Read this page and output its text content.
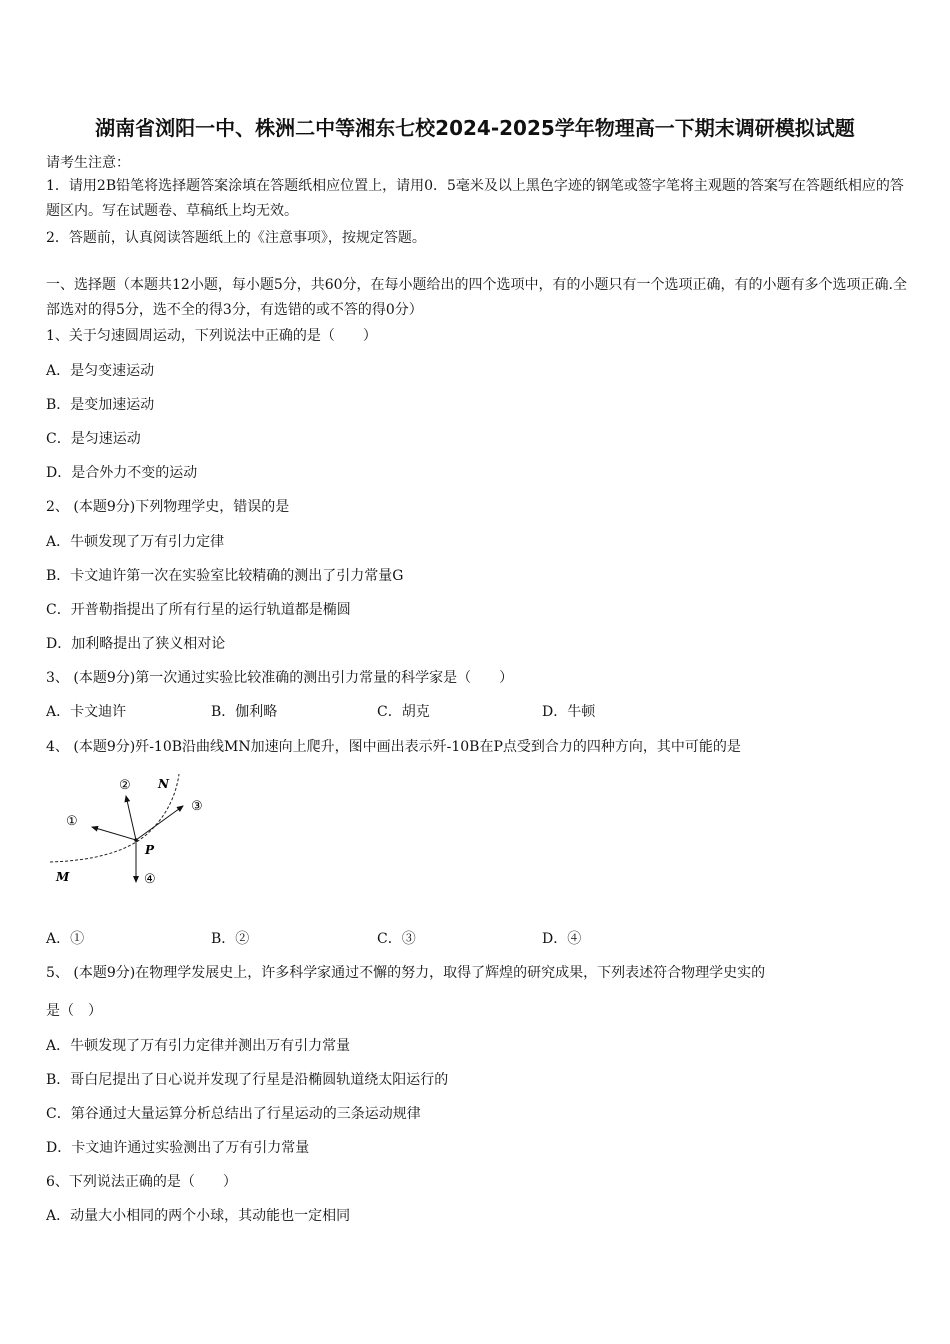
湖南省浏阳一中、株洲二中等湘东七校2024-2025学年物理高一下期末调研模拟试题
请考生注意：
1．请用2B铅笔将选择题答案涂填在答题纸相应位置上，请用0．5毫米及以上黑色字迹的钢笔或签字笔将主观题的答案写在答题纸相应的答题区内。写在试题卷、草稿纸上均无效。
2．答题前，认真阅读答题纸上的《注意事项》，按规定答题。
一、选择题（本题共12小题，每小题5分，共60分，在每小题给出的四个选项中，有的小题只有一个选项正确，有的小题有多个选项正确.全部选对的得5分，选不全的得3分，有选错的或不答的得0分）
1、关于匀速圆周运动，下列说法中正确的是（　　）
A．是匀变速运动
B．是变加速运动
C．是匀速运动
D．是合外力不变的运动
2、 (本题9分)下列物理学史，错误的是
A．牛顿发现了万有引力定律
B．卡文迪许第一次在实验室比较精确的测出了引力常量G
C．开普勒指提出了所有行星的运行轨道都是椭圆
D．加利略提出了狭义相对论
3、 (本题9分)第一次通过实验比较准确的测出引力常量的科学家是（　　）
A．卡文迪许	B．伽利略	C．胡克	D．牛顿
4、 (本题9分)歼-10B沿曲线MN加速向上爬升，图中画出表示歼-10B在P点受到合力的四种方向，其中可能的是
①
②
③
④
N
M
P
A．①	B．②	C．③	D．④
5、 (本题9分)在物理学发展史上，许多科学家通过不懈的努力，取得了辉煌的研究成果，下列表述符合物理学史实的
是（　）
A．牛顿发现了万有引力定律并测出万有引力常量
B．哥白尼提出了日心说并发现了行星是沿椭圆轨道绕太阳运行的
C．第谷通过大量运算分析总结出了行星运动的三条运动规律
D．卡文迪许通过实验测出了万有引力常量
6、下列说法正确的是（　　）
A．动量大小相同的两个小球，其动能也一定相同
